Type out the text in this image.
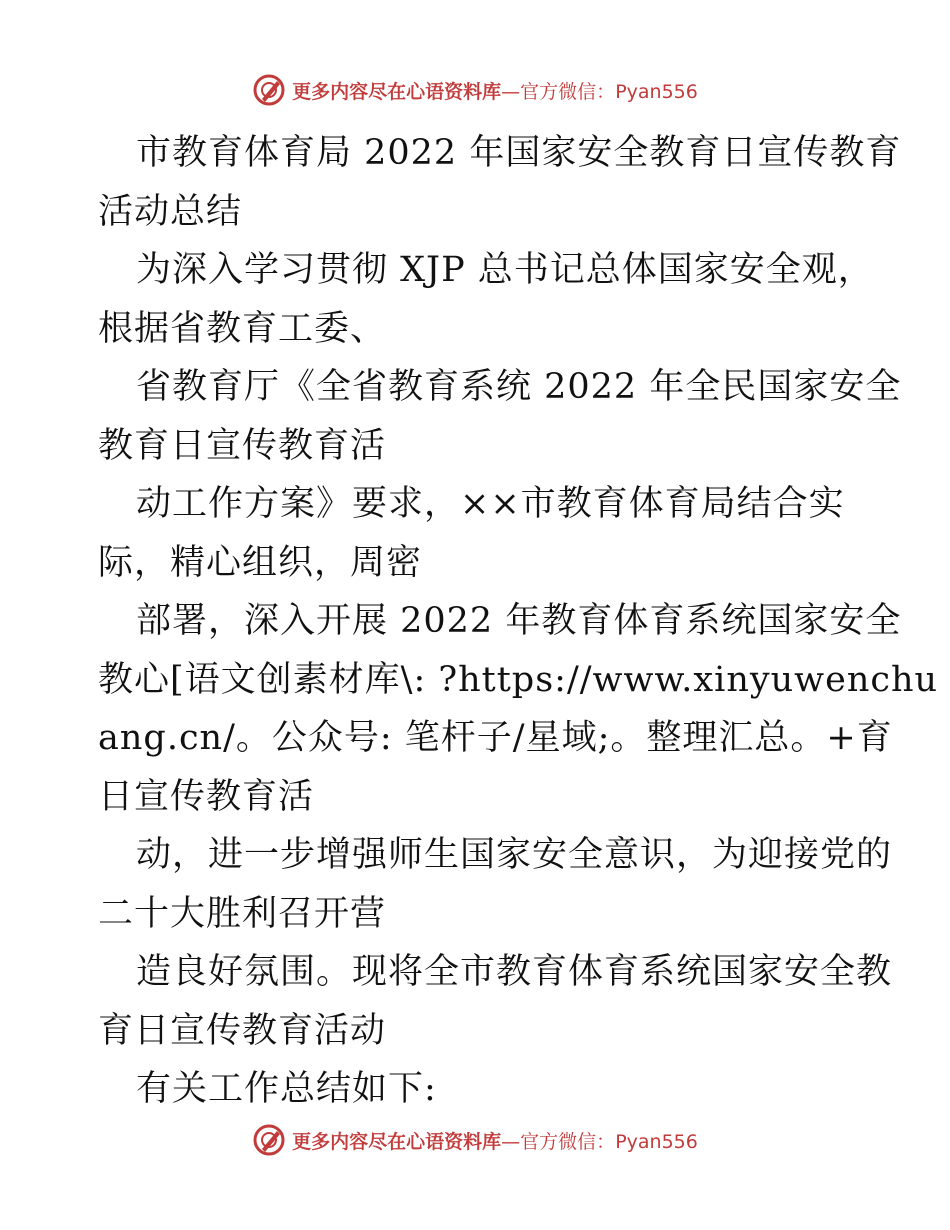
更多内容尽在心语资料库—官方微信：Pyan556
市教育体育局 2022 年国家安全教育日宣传教育
活动总结
为深入学习贯彻 XJP 总书记总体国家安全观，
根据省教育工委、
省教育厅《全省教育系统 2022 年全民国家安全
教育日宣传教育活
动工作方案》要求，××市教育体育局结合实
际，精心组织，周密
部署，深入开展 2022 年教育体育系统国家安全
教心[语文创素材库\: ?https://www.xinyuwenchu
ang.cn/。公众号: 笔杆子/星域;。整理汇总。+育
日宣传教育活
动，进一步增强师生国家安全意识，为迎接党的
二十大胜利召开营
造良好氛围。现将全市教育体育系统国家安全教
育日宣传教育活动
有关工作总结如下:
更多内容尽在心语资料库—官方微信：Pyan556
